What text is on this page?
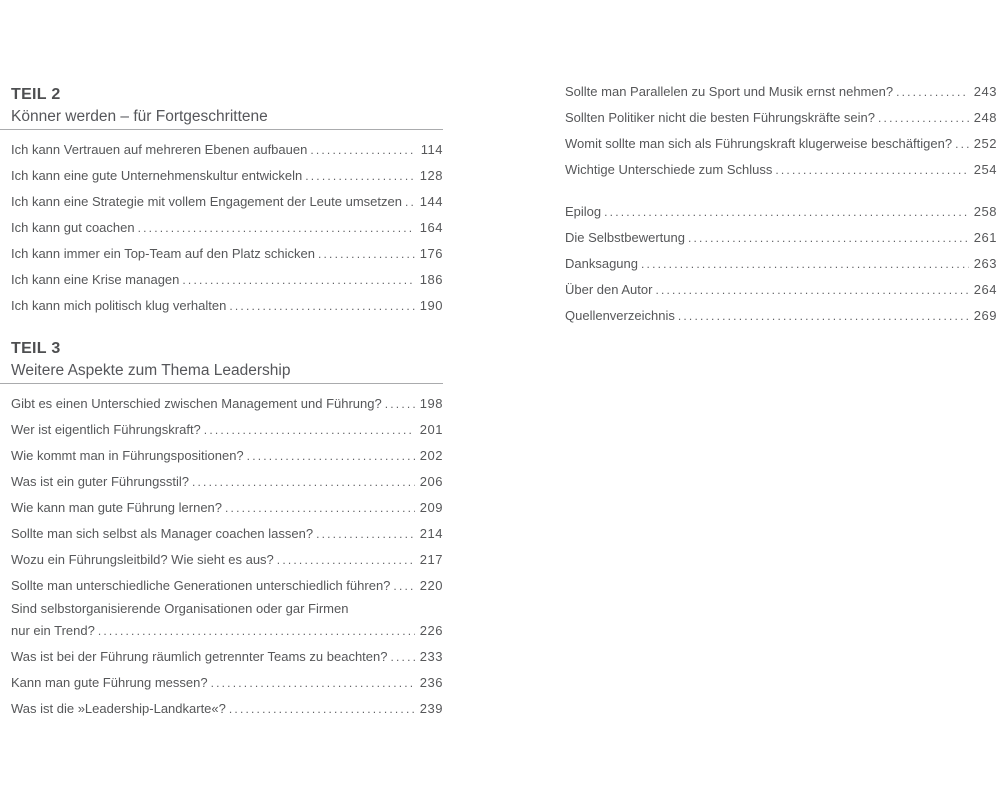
TEIL 2
Könner werden – für Fortgeschrittene
Ich kann Vertrauen auf mehreren Ebenen aufbauen .....	114
Ich kann eine gute Unternehmenskultur entwickeln .....	128
Ich kann eine Strategie mit vollem Engagement der Leute umsetzen ..... 144
Ich kann gut coachen .....	164
Ich kann immer ein Top-Team auf den Platz schicken .....	176
Ich kann eine Krise managen .....	186
Ich kann mich politisch klug verhalten .....	190
TEIL 3
Weitere Aspekte zum Thema Leadership
Gibt es einen Unterschied zwischen Management und Führung? .....	198
Wer ist eigentlich Führungskraft? .....	201
Wie kommt man in Führungspositionen? .....	202
Was ist ein guter Führungsstil? .....	206
Wie kann man gute Führung lernen? .....	209
Sollte man sich selbst als Manager coachen lassen? .....	214
Wozu ein Führungsleitbild? Wie sieht es aus? .....	217
Sollte man unterschiedliche Generationen unterschiedlich führen? ..... 220
Sind selbstorganisierende Organisationen oder gar Firmen
nur ein Trend? .....	226
Was ist bei der Führung räumlich getrennter Teams zu beachten? ..... 233
Kann man gute Führung messen? .....	236
Was ist die »Leadership-Landkarte«? .....	239
Sollte man Parallelen zu Sport und Musik ernst nehmen? .....	243
Sollten Politiker nicht die besten Führungskräfte sein? .....	248
Womit sollte man sich als Führungskraft klugerweise beschäftigen? ..... 252
Wichtige Unterschiede zum Schluss .....	254
Epilog .....	258
Die Selbstbewertung .....	261
Danksagung .....	263
Über den Autor .....	264
Quellenverzeichnis .....	269
